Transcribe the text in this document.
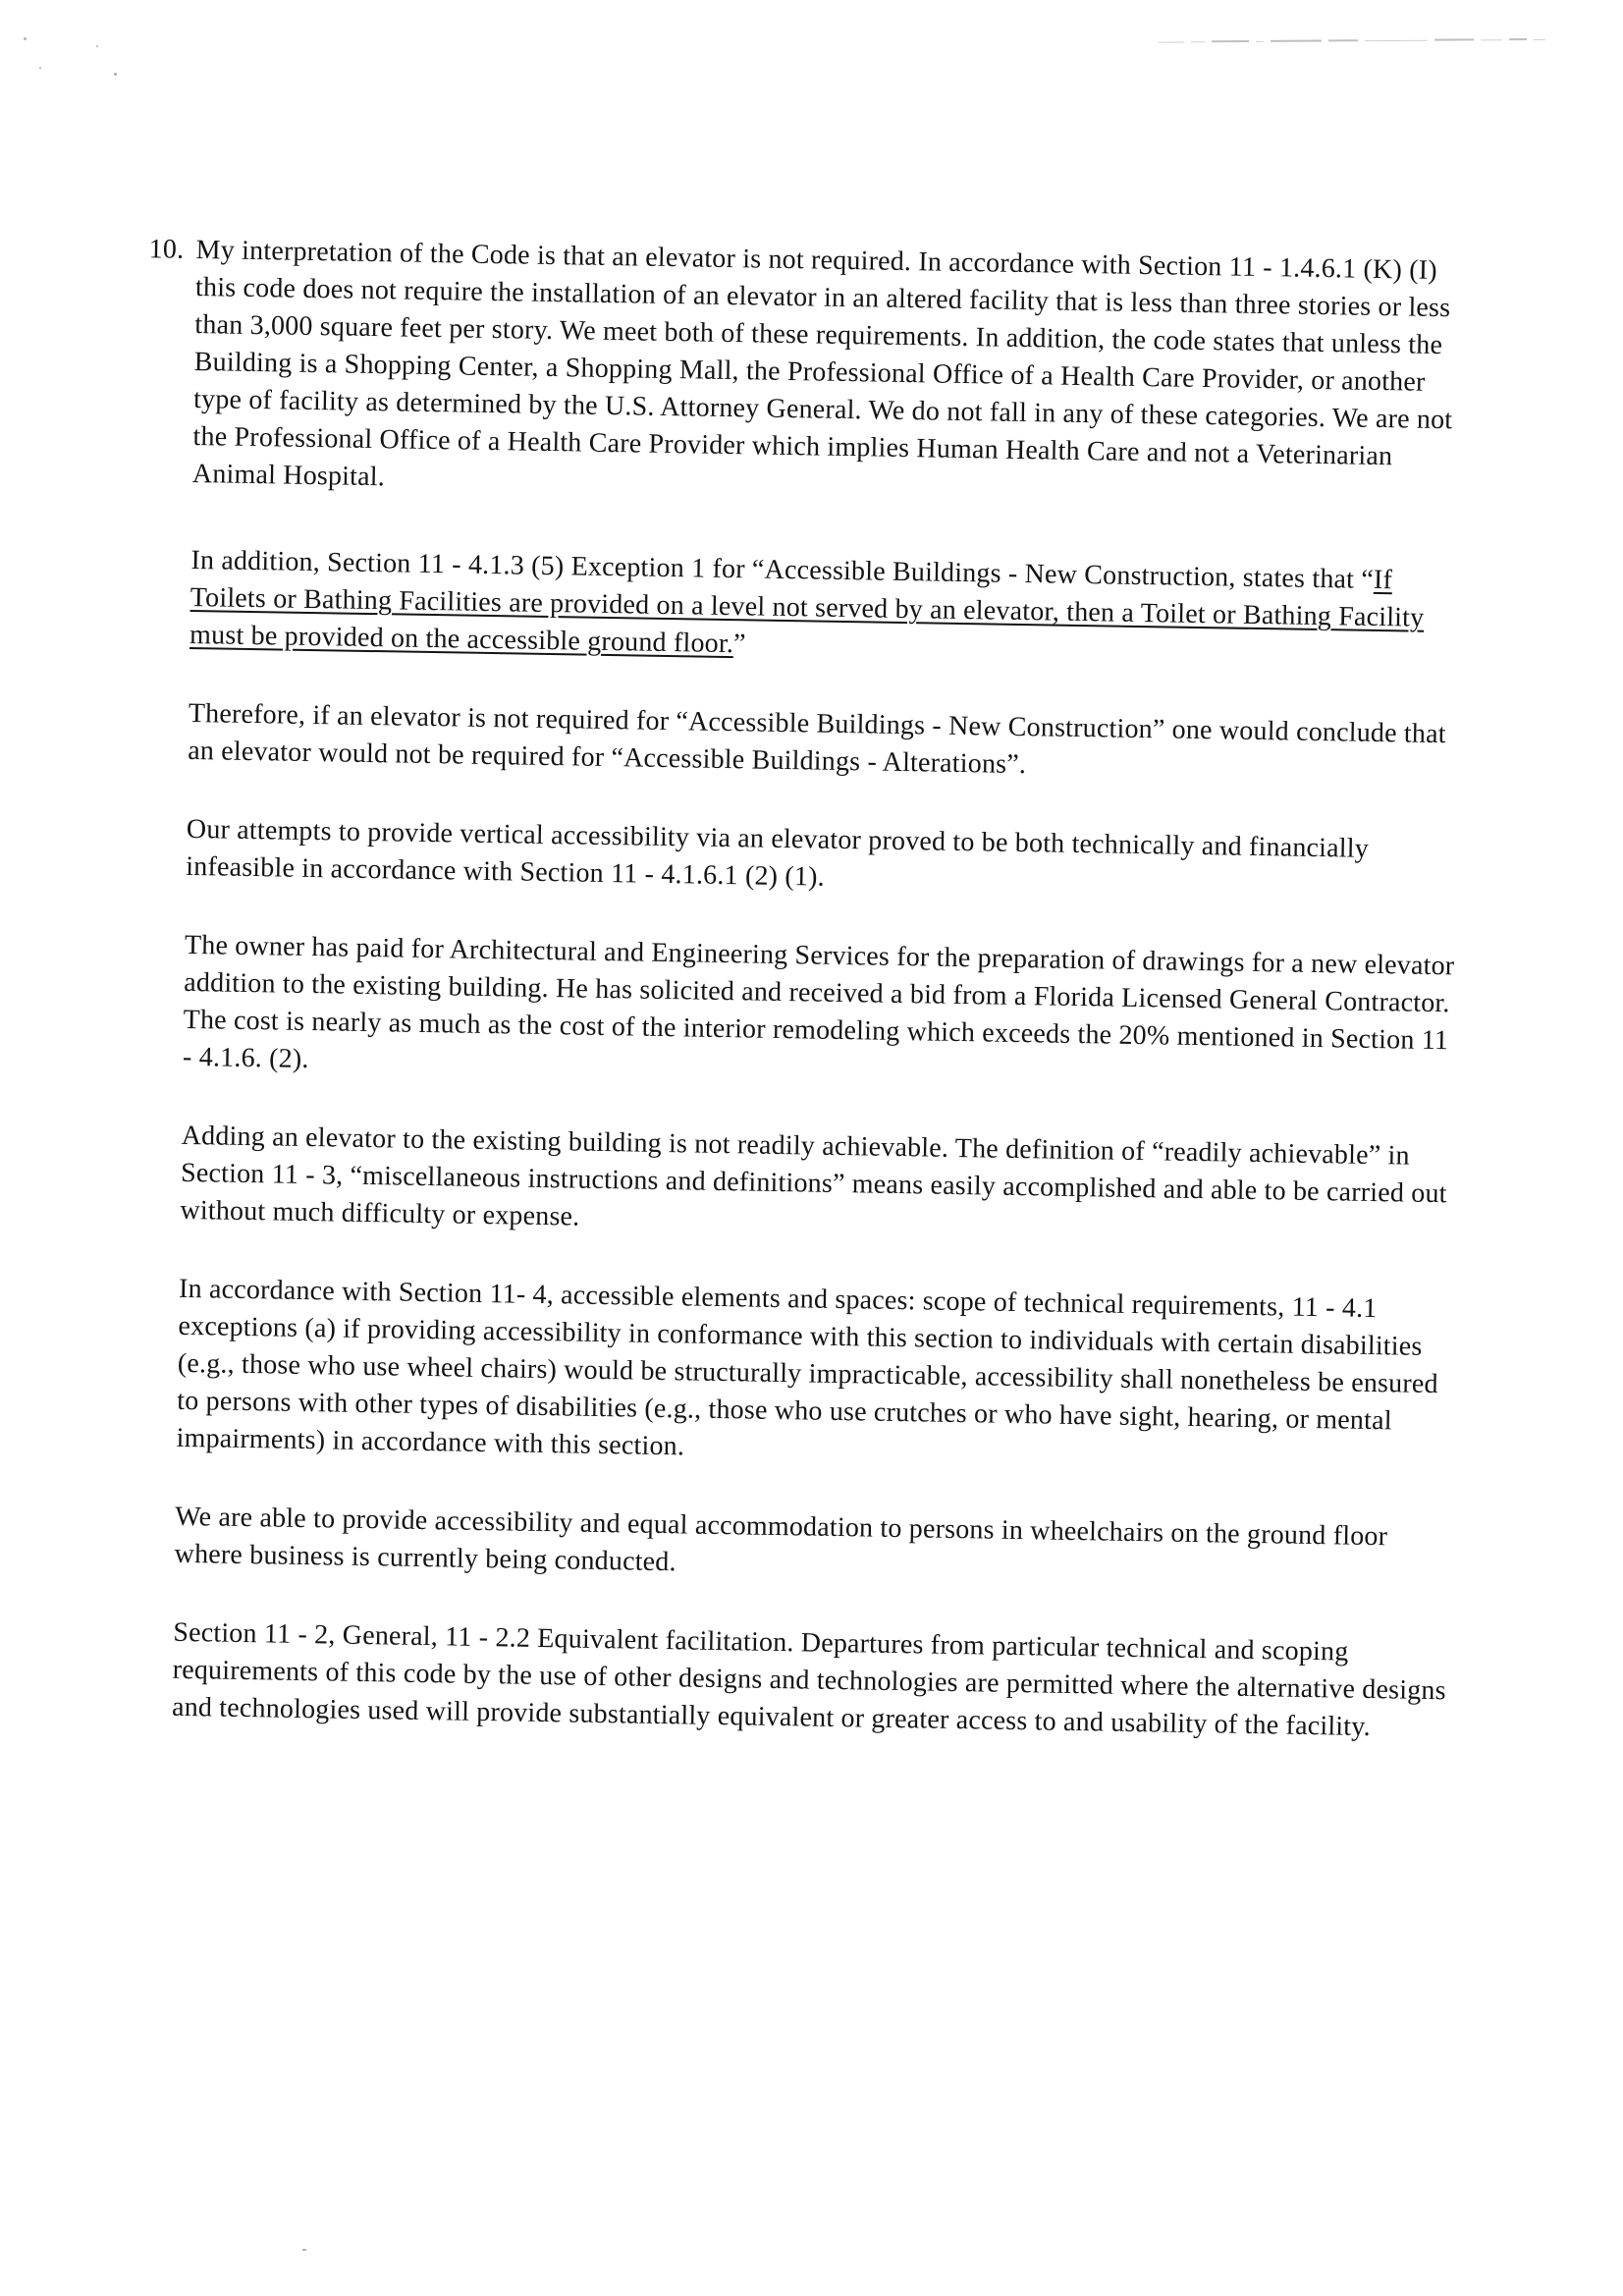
10. My interpretation of the Code is that an elevator is not required. In accordance with Section 11 - 1.4.6.1 (K) (I) this code does not require the installation of an elevator in an altered facility that is less than three stories or less than 3,000 square feet per story. We meet both of these requirements. In addition, the code states that unless the Building is a Shopping Center, a Shopping Mall, the Professional Office of a Health Care Provider, or another type of facility as determined by the U.S. Attorney General. We do not fall in any of these categories. We are not the Professional Office of a Health Care Provider which implies Human Health Care and not a Veterinarian Animal Hospital.
In addition, Section 11 - 4.1.3 (5) Exception 1 for “Accessible Buildings - New Construction, states that “If Toilets or Bathing Facilities are provided on a level not served by an elevator, then a Toilet or Bathing Facility must be provided on the accessible ground floor.”
Therefore, if an elevator is not required for “Accessible Buildings - New Construction” one would conclude that an elevator would not be required for “Accessible Buildings - Alterations”.
Our attempts to provide vertical accessibility via an elevator proved to be both technically and financially infeasible in accordance with Section 11 - 4.1.6.1 (2) (1).
The owner has paid for Architectural and Engineering Services for the preparation of drawings for a new elevator addition to the existing building. He has solicited and received a bid from a Florida Licensed General Contractor. The cost is nearly as much as the cost of the interior remodeling which exceeds the 20% mentioned in Section 11 - 4.1.6. (2).
Adding an elevator to the existing building is not readily achievable. The definition of “readily achievable” in Section 11 - 3, “miscellaneous instructions and definitions” means easily accomplished and able to be carried out without much difficulty or expense.
In accordance with Section 11- 4, accessible elements and spaces: scope of technical requirements, 11 - 4.1 exceptions (a) if providing accessibility in conformance with this section to individuals with certain disabilities (e.g., those who use wheel chairs) would be structurally impracticable, accessibility shall nonetheless be ensured to persons with other types of disabilities (e.g., those who use crutches or who have sight, hearing, or mental impairments) in accordance with this section.
We are able to provide accessibility and equal accommodation to persons in wheelchairs on the ground floor where business is currently being conducted.
Section 11 - 2, General, 11 - 2.2 Equivalent facilitation. Departures from particular technical and scoping requirements of this code by the use of other designs and technologies are permitted where the alternative designs and technologies used will provide substantially equivalent or greater access to and usability of the facility.
